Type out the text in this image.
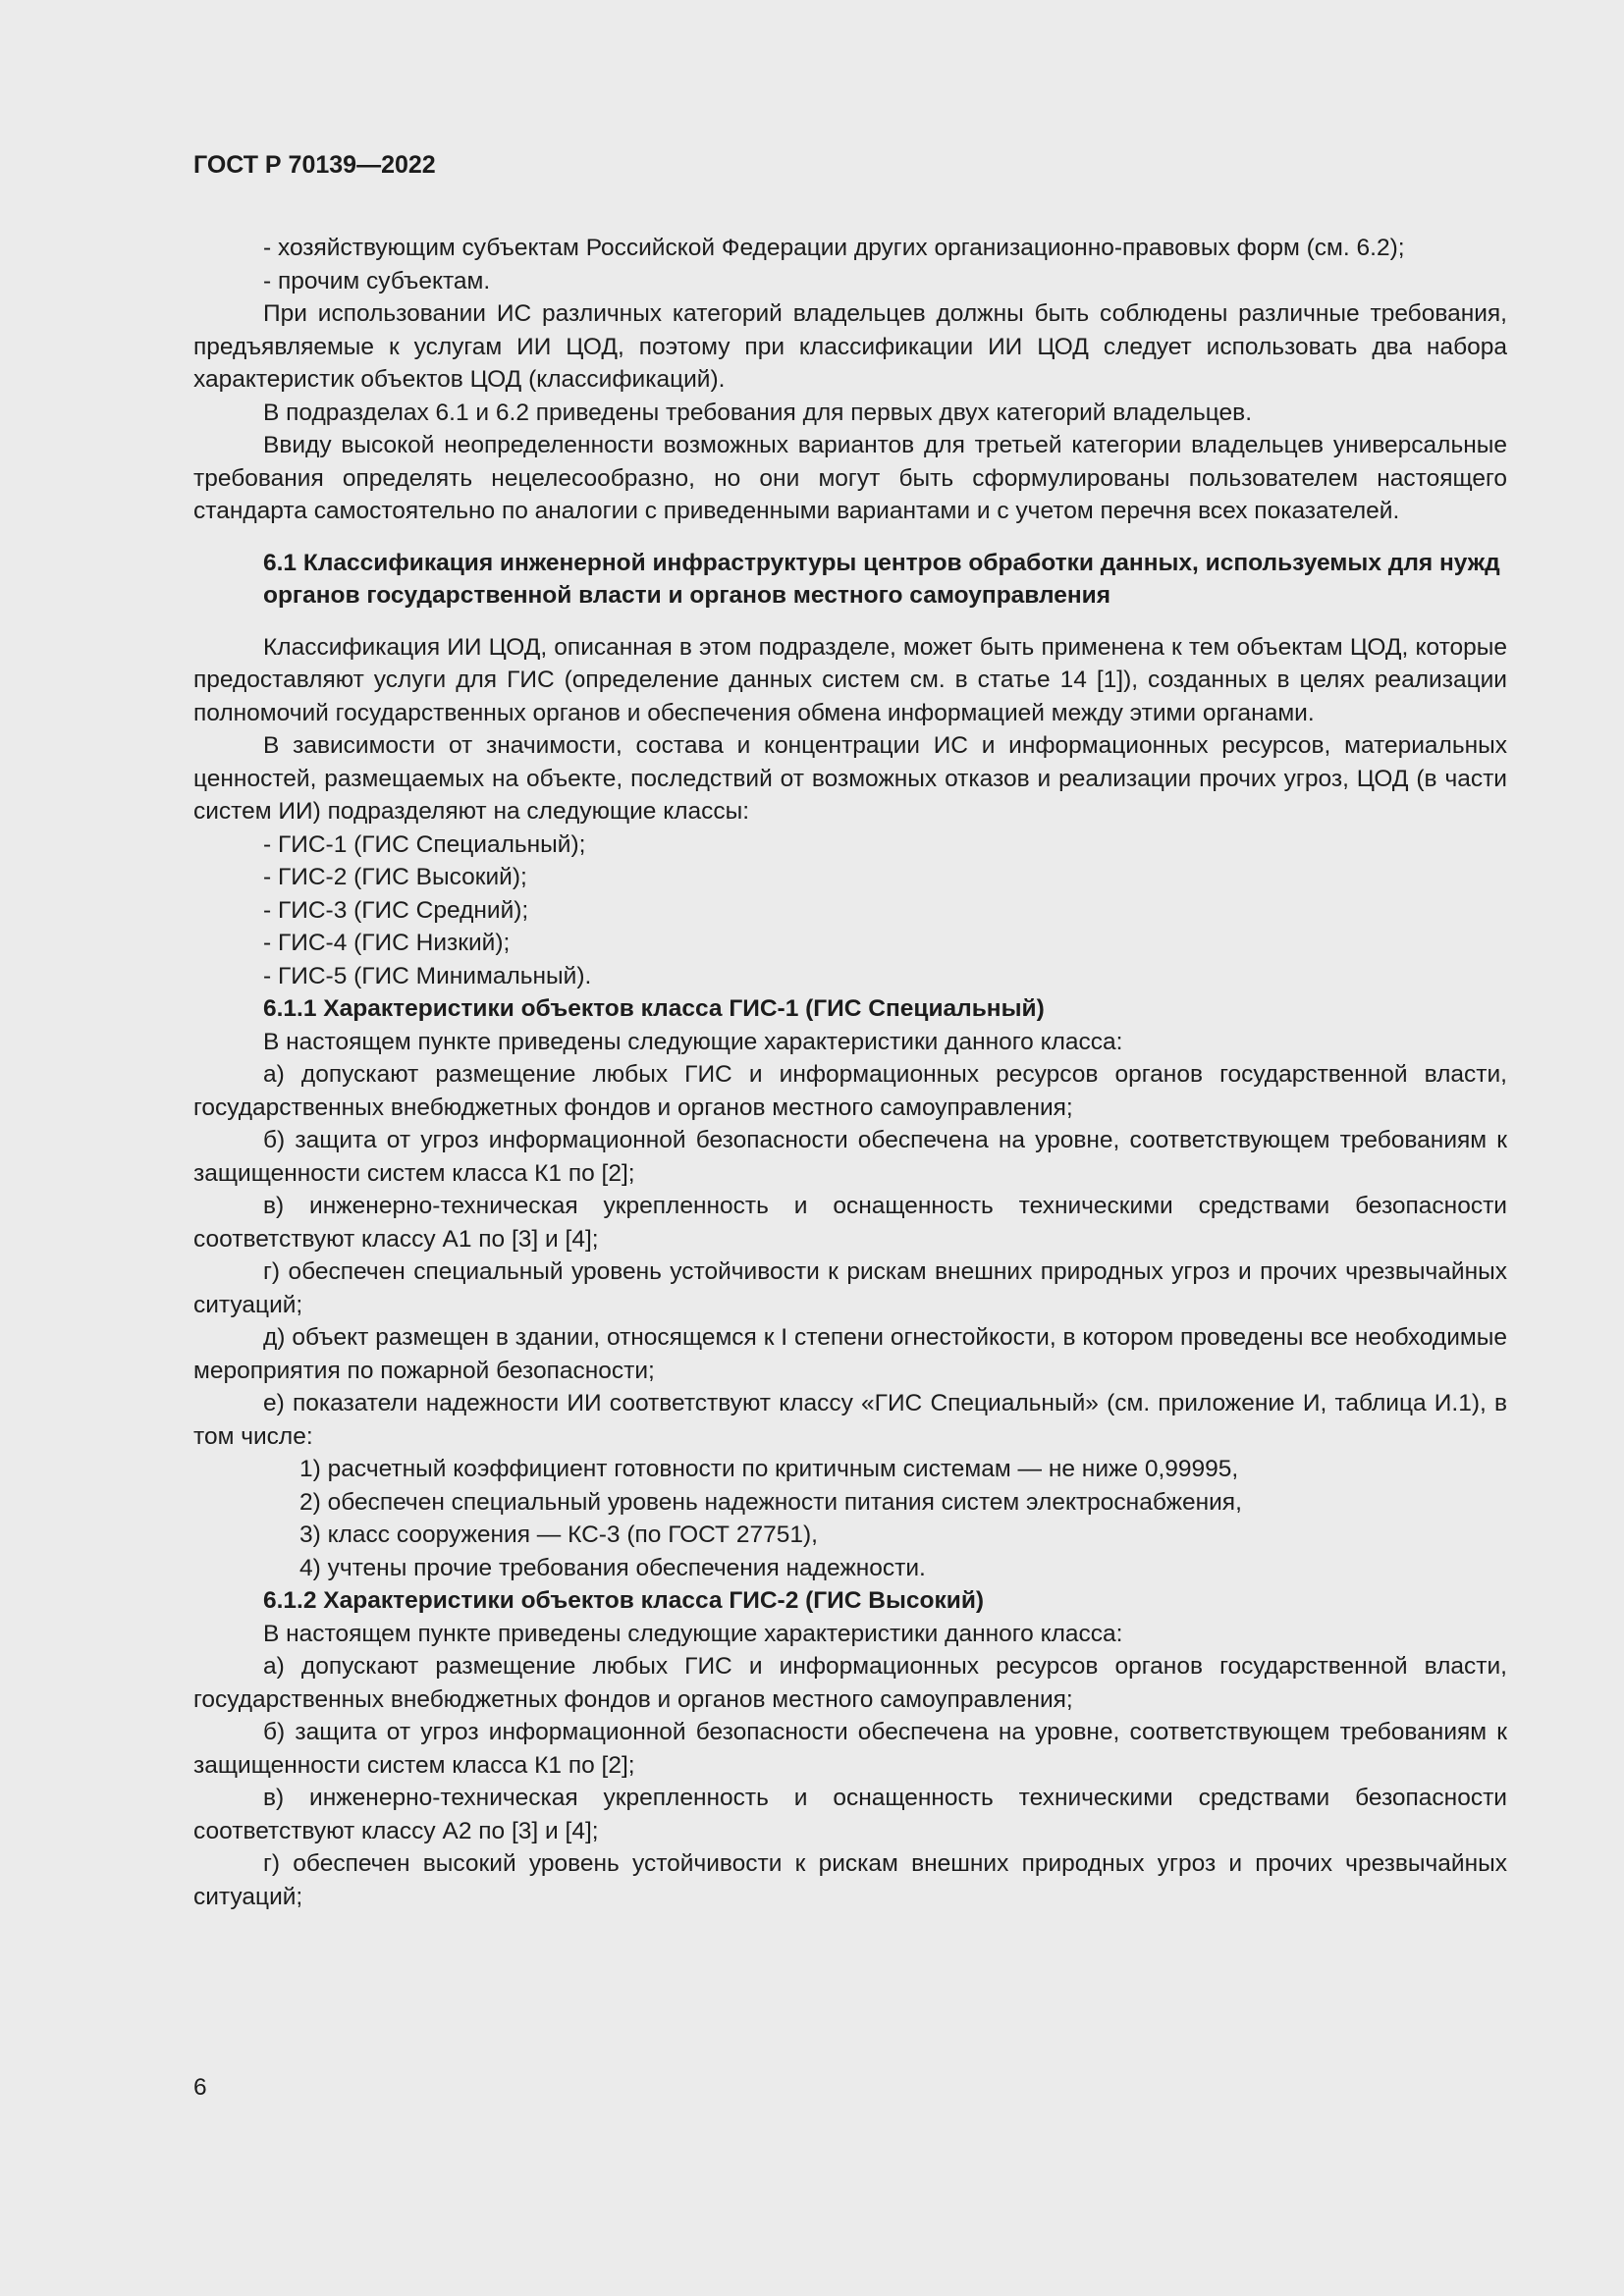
ГОСТ Р 70139—2022

- хозяйствующим субъектам Российской Федерации других организационно-правовых форм (см. 6.2);

- прочим субъектам.

При использовании ИС различных категорий владельцев должны быть соблюдены различные требования, предъявляемые к услугам ИИ ЦОД, поэтому при классификации ИИ ЦОД следует использовать два набора характеристик объектов ЦОД (классификаций).

В подразделах 6.1 и 6.2 приведены требования для первых двух категорий владельцев.

Ввиду высокой неопределенности возможных вариантов для третьей категории владельцев универсальные требования определять нецелесообразно, но они могут быть сформулированы пользователем настоящего стандарта самостоятельно по аналогии с приведенными вариантами и с учетом перечня всех показателей.

6.1 Классификация инженерной инфраструктуры центров обработки данных, используемых для нужд органов государственной власти и органов местного самоуправления

Классификация ИИ ЦОД, описанная в этом подразделе, может быть применена к тем объектам ЦОД, которые предоставляют услуги для ГИС (определение данных систем см. в статье 14 [1]), созданных в целях реализации полномочий государственных органов и обеспечения обмена информацией между этими органами.

В зависимости от значимости, состава и концентрации ИС и информационных ресурсов, материальных ценностей, размещаемых на объекте, последствий от возможных отказов и реализации прочих угроз, ЦОД (в части систем ИИ) подразделяют на следующие классы:

- ГИС-1 (ГИС Специальный);

- ГИС-2 (ГИС Высокий);

- ГИС-3 (ГИС Средний);

- ГИС-4 (ГИС Низкий);

- ГИС-5 (ГИС Минимальный).

6.1.1 Характеристики объектов класса ГИС-1 (ГИС Специальный)

В настоящем пункте приведены следующие характеристики данного класса:

а) допускают размещение любых ГИС и информационных ресурсов органов государственной власти, государственных внебюджетных фондов и органов местного самоуправления;

б) защита от угроз информационной безопасности обеспечена на уровне, соответствующем требованиям к защищенности систем класса К1 по [2];

в) инженерно-техническая укрепленность и оснащенность техническими средствами безопасности соответствуют классу А1 по [3] и [4];

г) обеспечен специальный уровень устойчивости к рискам внешних природных угроз и прочих чрезвычайных ситуаций;

д) объект размещен в здании, относящемся к I степени огнестойкости, в котором проведены все необходимые мероприятия по пожарной безопасности;

е) показатели надежности ИИ соответствуют классу «ГИС Специальный» (см. приложение И, таблица И.1), в том числе:

1) расчетный коэффициент готовности по критичным системам — не ниже 0,99995,

2) обеспечен специальный уровень надежности питания систем электроснабжения,

3) класс сооружения — КС-3 (по ГОСТ 27751),

4) учтены прочие требования обеспечения надежности.

6.1.2 Характеристики объектов класса ГИС-2 (ГИС Высокий)

В настоящем пункте приведены следующие характеристики данного класса:

а) допускают размещение любых ГИС и информационных ресурсов органов государственной власти, государственных внебюджетных фондов и органов местного самоуправления;

б) защита от угроз информационной безопасности обеспечена на уровне, соответствующем требованиям к защищенности систем класса К1 по [2];

в) инженерно-техническая укрепленность и оснащенность техническими средствами безопасности соответствуют классу А2 по [3] и [4];

г) обеспечен высокий уровень устойчивости к рискам внешних природных угроз и прочих чрезвычайных ситуаций;

6
